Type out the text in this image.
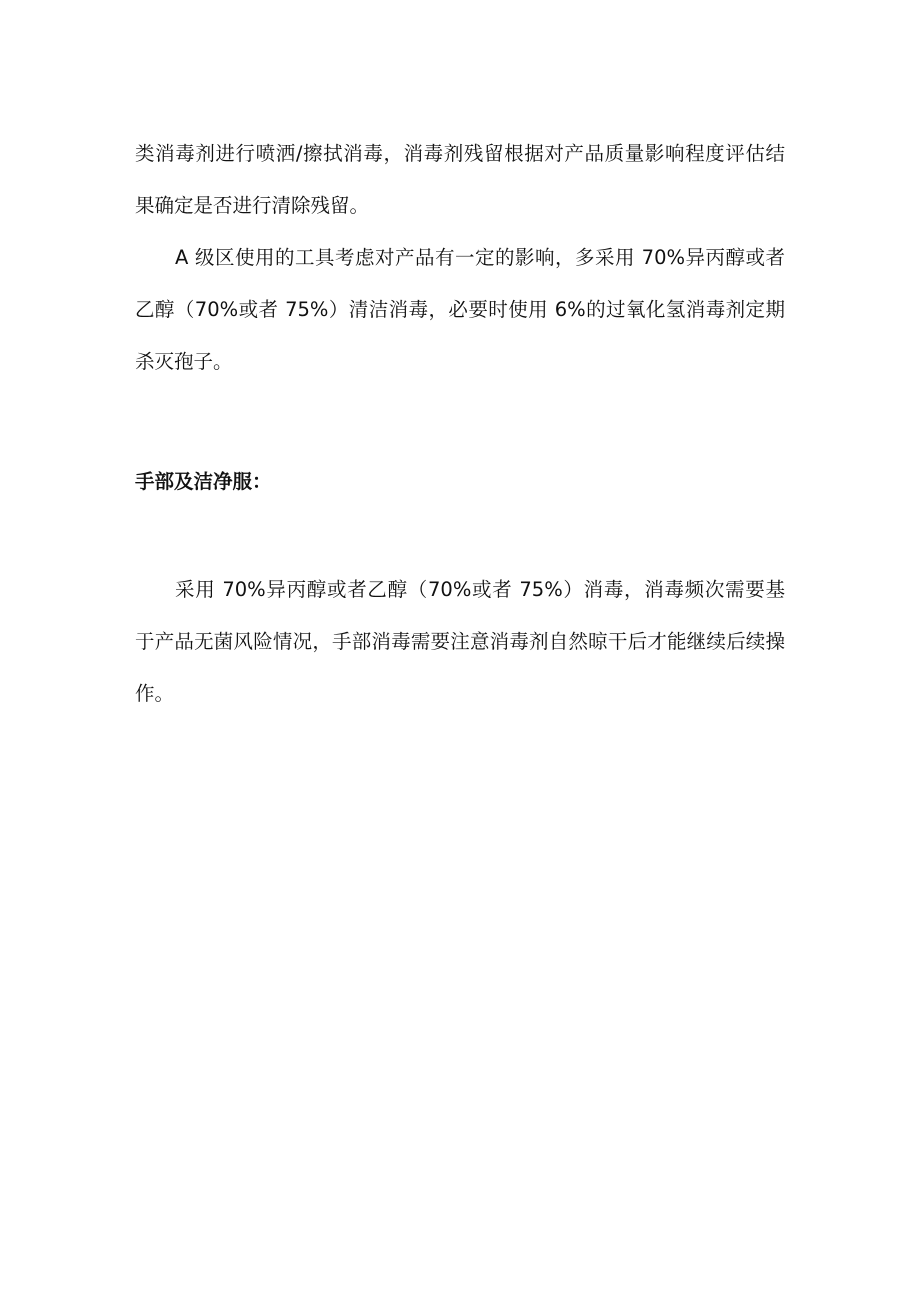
类消毒剂进行喷洒/擦拭消毒，消毒剂残留根据对产品质量影响程度评估结果确定是否进行清除残留。

A 级区使用的工具考虑对产品有一定的影响，多采用 70%异丙醇或者乙醇（70%或者 75%）清洁消毒，必要时使用 6%的过氧化氢消毒剂定期杀灭孢子。

手部及洁净服：

采用 70%异丙醇或者乙醇（70%或者 75%）消毒，消毒频次需要基于产品无菌风险情况，手部消毒需要注意消毒剂自然晾干后才能继续后续操作。
